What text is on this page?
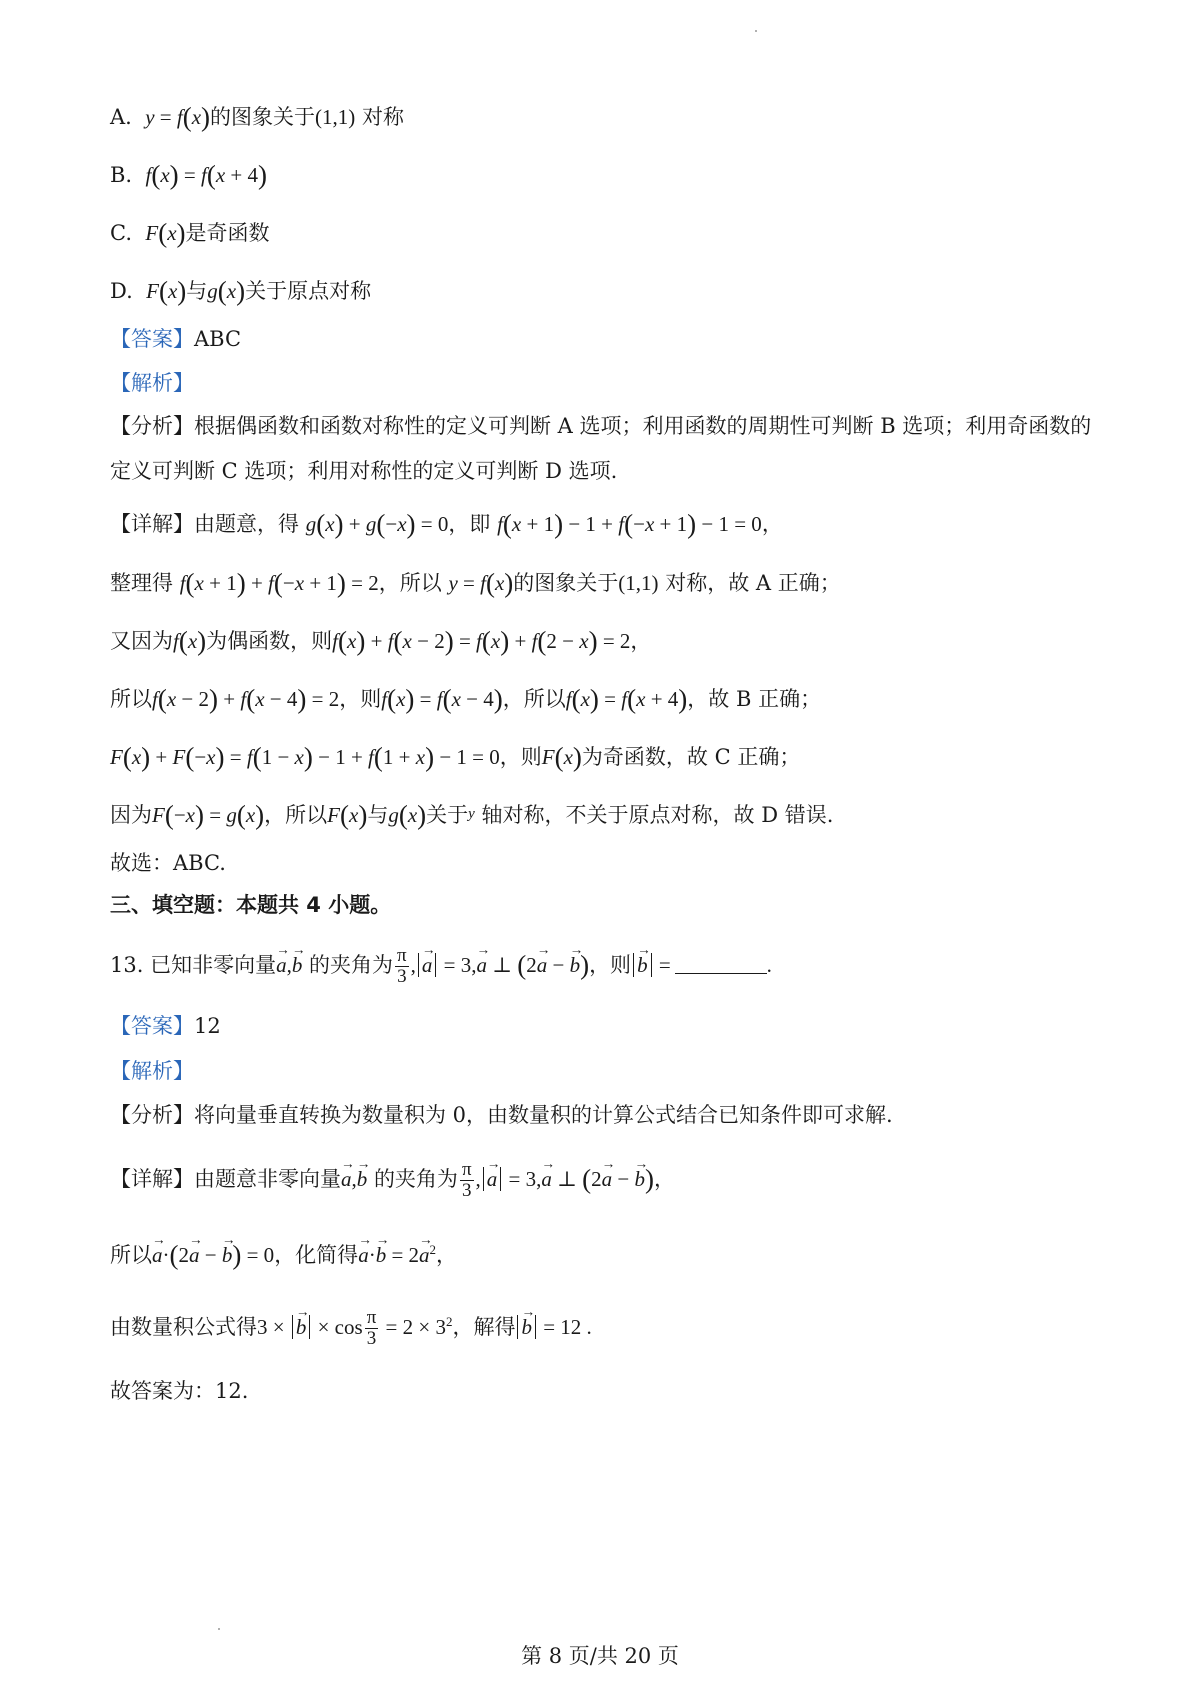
A. y = f(x)的图象关于(1,1) 对称
B. f(x) = f(x + 4)
C. F(x)是奇函数
D. F(x)与g(x)关于原点对称
【答案】ABC
【解析】
【分析】根据偶函数和函数对称性的定义可判断 A 选项；利用函数的周期性可判断 B 选项；利用奇函数的
定义可判断 C 选项；利用对称性的定义可判断 D 选项.
【详解】由题意，得 g(x) + g(−x) = 0，即 f(x + 1) − 1 + f(−x + 1) − 1 = 0，
整理得 f(x + 1) + f(−x + 1) = 2，所以 y = f(x)的图象关于(1,1) 对称，故 A 正确；
又因为f(x)为偶函数，则f(x) + f(x − 2) = f(x) + f(2 − x) = 2，
所以f(x − 2) + f(x − 4) = 2，则f(x) = f(x − 4)，所以f(x) = f(x + 4)，故 B 正确；
F(x) + F(−x) = f(1 − x) − 1 + f(1 + x) − 1 = 0，则F(x)为奇函数，故 C 正确；
因为F(−x) = g(x)，所以F(x)与g(x)关于y 轴对称，不关于原点对称，故 D 错误.
故选：ABC.
三、填空题：本题共 4 小题。
13. 已知非零向量→ a,→ b 的夹角为 $\frac{\pi}{3}$ , → a = 3,→ a ⊥ (2→ a − → b)，则 → b =	.
【答案】12
【解析】
【分析】将向量垂直转换为数量积为 0，由数量积的计算公式结合已知条件即可求解.
【详解】由题意非零向量→ a,→ b 的夹角为 $\frac{\pi}{3}$ , → a = 3,→ a ⊥ (2→ a − → b)，
所以→ a·(2→ a − → b) = 0，化简得→ $a\cdot\to b = 2\to a^2$，
由数量积公式得3 × → $b \times \cos \frac{\pi}{3} = 2 \times 3^2$，解得 → b = 12 .
故答案为：12.
第 8 页/共 20 页
